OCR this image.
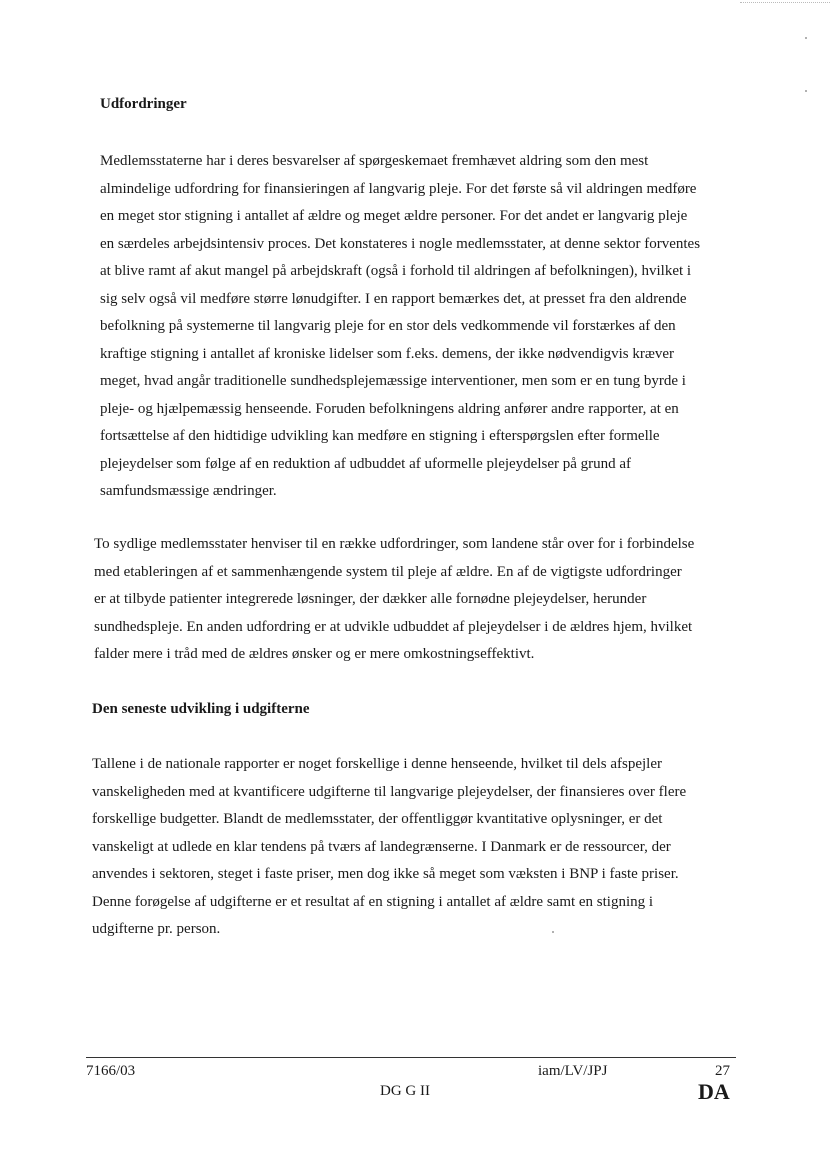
Udfordringer
Medlemsstaterne har i deres besvarelser af spørgeskemaet fremhævet aldring som den mest
almindelige udfordring for finansieringen af langvarig pleje. For det første så vil aldringen medføre
en meget stor stigning i antallet af ældre og meget ældre personer. For det andet er langvarig pleje
en særdeles arbejdsintensiv proces. Det konstateres i nogle medlemsstater, at denne sektor forventes
at blive ramt af akut mangel på arbejdskraft (også i forhold til aldringen af befolkningen), hvilket i
sig selv også vil medføre større lønudgifter. I en rapport bemærkes det, at presset fra den aldrende
befolkning på systemerne til langvarig pleje for en stor dels vedkommende vil forstærkes af den
kraftige stigning i antallet af kroniske lidelser som f.eks. demens, der ikke nødvendigvis kræver
meget, hvad angår traditionelle sundhedsplejemæssige interventioner, men som er en tung byrde i
pleje- og hjælpemæssig henseende. Foruden befolkningens aldring anfører andre rapporter, at en
fortsættelse af den hidtidige udvikling kan medføre en stigning i efterspørgslen efter formelle
plejeydelser som følge af en reduktion af udbuddet af uformelle plejeydelser på grund af
samfundsmæssige ændringer.
To sydlige medlemsstater henviser til en række udfordringer, som landene står over for i forbindelse
med etableringen af et sammenhængende system til pleje af ældre. En af de vigtigste udfordringer
er at tilbyde patienter integrerede løsninger, der dækker alle fornødne plejeydelser, herunder
sundhedspleje. En anden udfordring er at udvikle udbuddet af plejeydelser i de ældres hjem, hvilket
falder mere i tråd med de ældres ønsker og er mere omkostningseffektivt.
Den seneste udvikling i udgifterne
Tallene i de nationale rapporter er noget forskellige i denne henseende, hvilket til dels afspejler
vanskeligheden med at kvantificere udgifterne til langvarige plejeydelser, der finansieres over flere
forskellige budgetter. Blandt de medlemsstater, der offentliggør kvantitative oplysninger, er det
vanskeligt at udlede en klar tendens på tværs af landegrænserne. I Danmark er de ressourcer, der
anvendes i sektoren, steget i faste priser, men dog ikke så meget som væksten i BNP i faste priser.
Denne forøgelse af udgifterne er et resultat af en stigning i antallet af ældre samt en stigning i
udgifterne pr. person.
7166/03	iam/LV/JPJ	27
DG G II	DA
